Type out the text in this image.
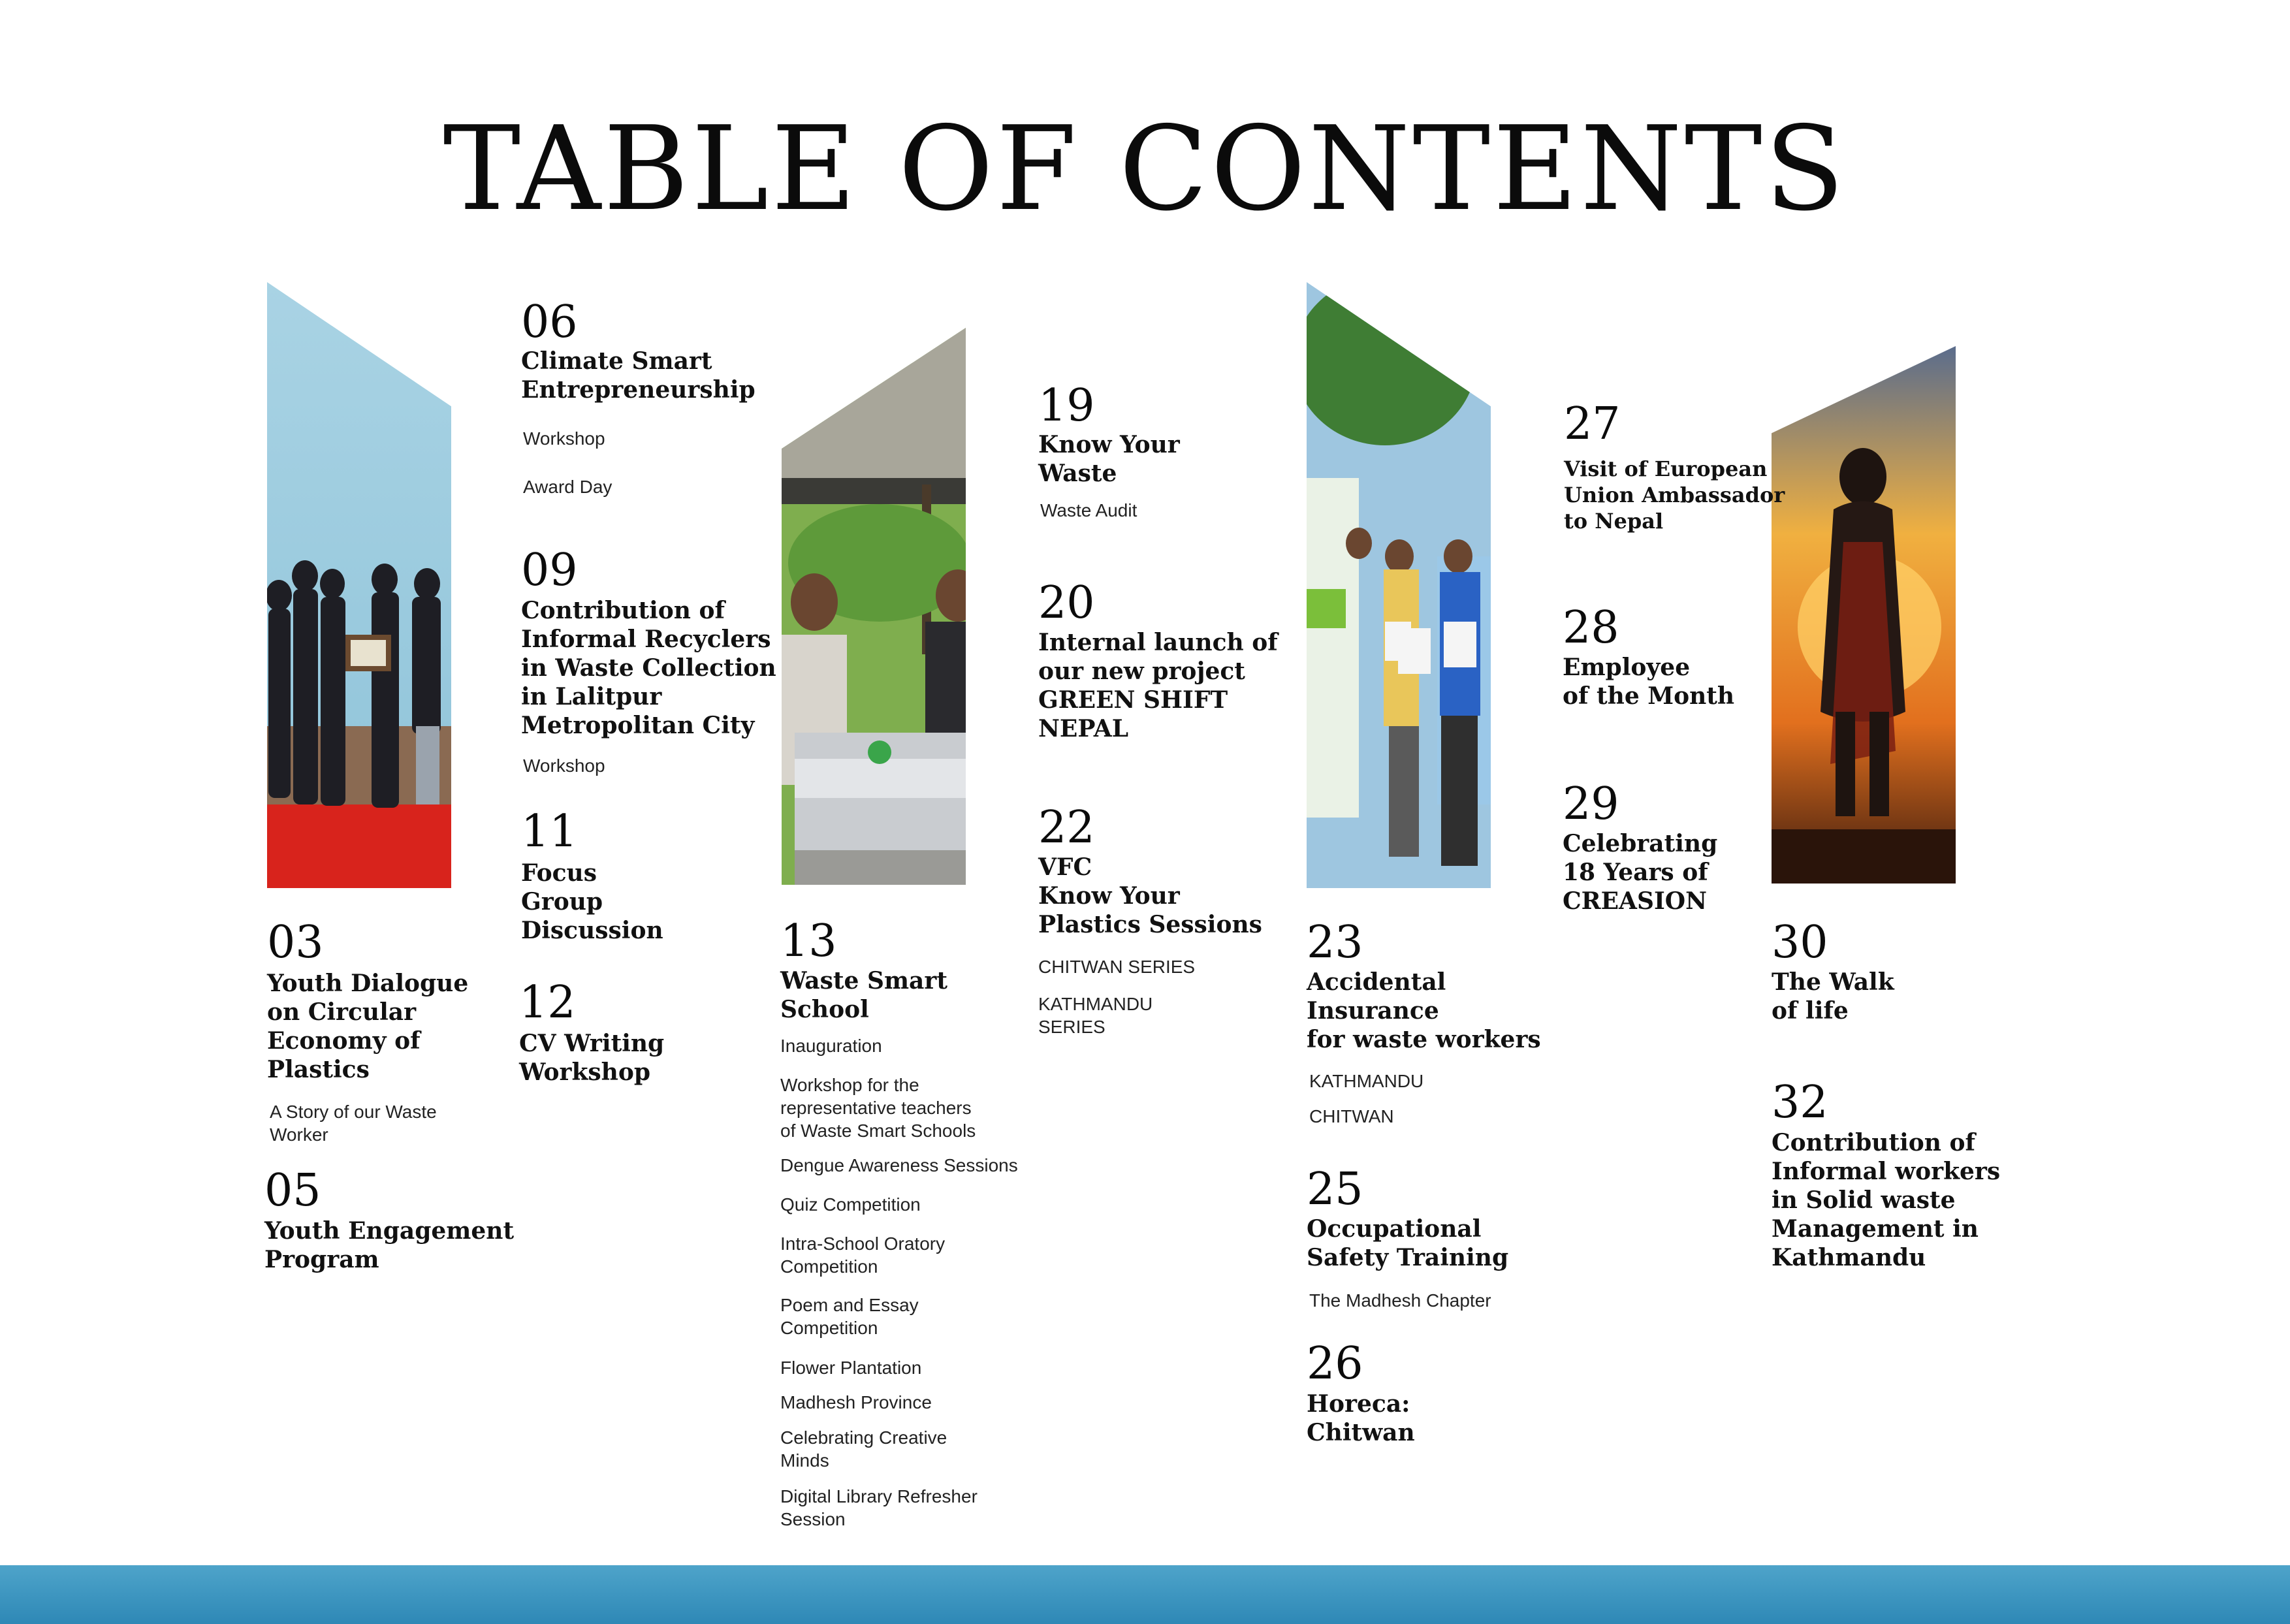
TABLE OF CONTENTS
03
Youth Dialogue
on Circular
Economy of
Plastics
A Story of our Waste
Worker
05
Youth Engagement
Program
06
Climate Smart
Entrepreneurship
Workshop
Award Day
09
Contribution of
Informal Recyclers
in Waste Collection
in Lalitpur
Metropolitan City
Workshop
11
Focus
Group
Discussion
12
CV Writing
Workshop
13
Waste Smart
School
Inauguration
Workshop for the
representative teachers
of Waste Smart Schools
Dengue Awareness Sessions
Quiz Competition
Intra-School Oratory
Competition
Poem and Essay
Competition
Flower Plantation
Madhesh Province
Celebrating Creative
Minds
Digital Library Refresher
Session
19
Know Your
Waste
Waste Audit
20
Internal launch of
our new project
GREEN SHIFT
NEPAL
22
VFC
Know Your
Plastics Sessions
CHITWAN SERIES
KATHMANDU
SERIES
23
Accidental
Insurance
for waste workers
KATHMANDU
CHITWAN
25
Occupational
Safety Training
The Madhesh Chapter
26
Horeca:
Chitwan
27
Visit of European
Union Ambassador
to Nepal
28
Employee
of the Month
29
Celebrating
18 Years of
CREASION
30
The Walk
of life
32
Contribution of
Informal workers
in Solid waste
Management in
Kathmandu
